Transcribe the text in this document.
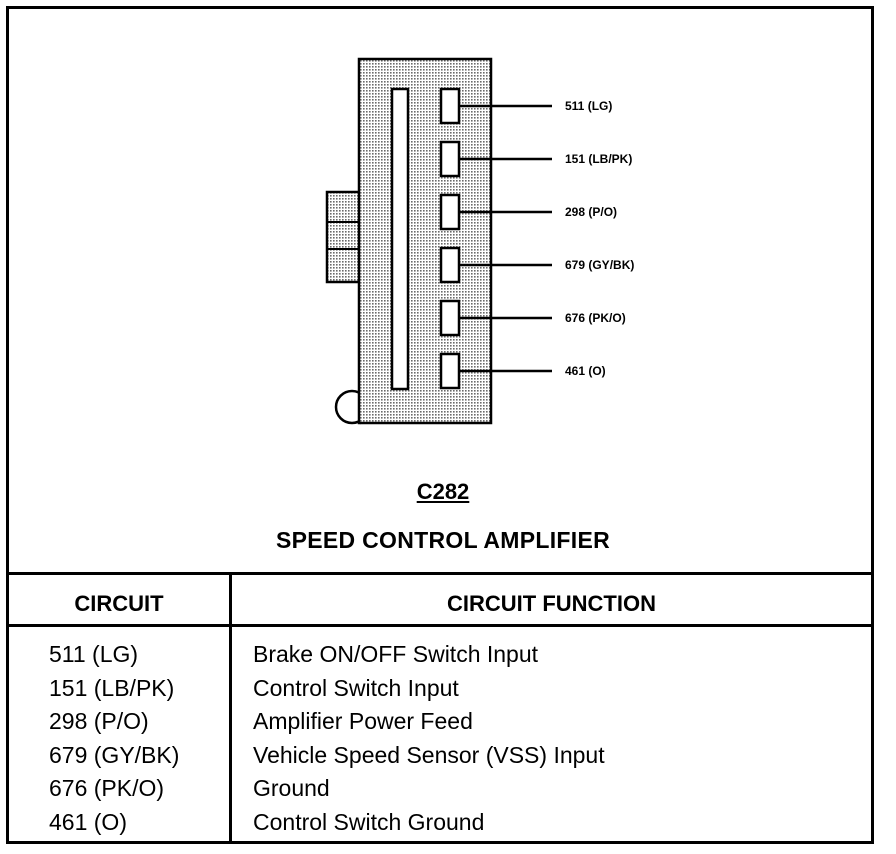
511 (LG)
151 (LB/PK)
298 (P/O)
679 (GY/BK)
676 (PK/O)
461 (O)
C282
SPEED CONTROL AMPLIFIER
CIRCUIT	CIRCUIT FUNCTION
511 (LG)	Brake ON/OFF Switch Input
151 (LB/PK)	Control Switch Input
298 (P/O)	Amplifier Power Feed
679 (GY/BK)	Vehicle Speed Sensor (VSS) Input
676 (PK/O)	Ground
461 (O)	Control Switch Ground
